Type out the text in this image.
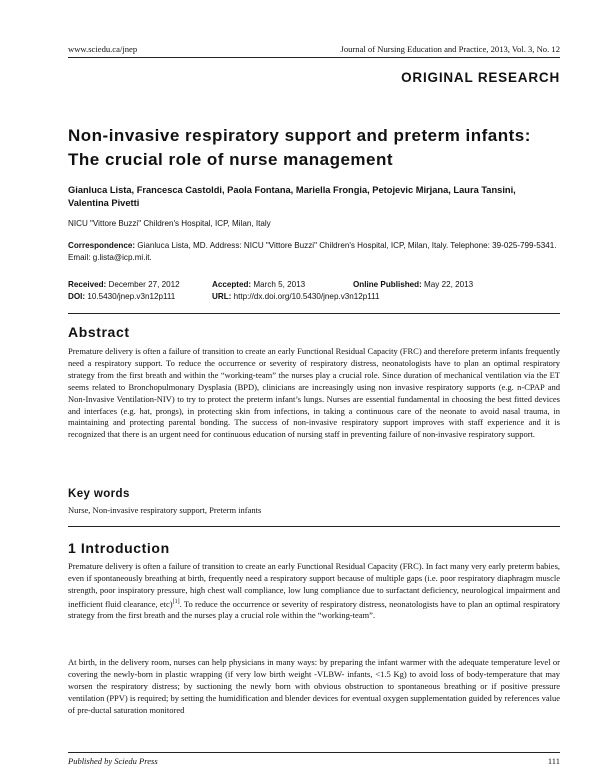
www.sciedu.ca/jnep	Journal of Nursing Education and Practice, 2013, Vol. 3, No. 12
ORIGINAL RESEARCH
Non-invasive respiratory support and preterm infants: The crucial role of nurse management
Gianluca Lista, Francesca Castoldi, Paola Fontana, Mariella Frongia, Petojevic Mirjana, Laura Tansini, Valentina Pivetti
NICU "Vittore Buzzi" Children's Hospital, ICP, Milan, Italy
Correspondence: Gianluca Lista, MD. Address: NICU "Vittore Buzzi" Children's Hospital, ICP, Milan, Italy. Telephone: 39-025-799-5341. Email: g.lista@icp.mi.it.
Received: December 27, 2012	Accepted: March 5, 2013	Online Published: May 22, 2013
DOI: 10.5430/jnep.v3n12p111	URL: http://dx.doi.org/10.5430/jnep.v3n12p111
Abstract
Premature delivery is often a failure of transition to create an early Functional Residual Capacity (FRC) and therefore preterm infants frequently need a respiratory support. To reduce the occurrence or severity of respiratory distress, neonatologists have to plan an optimal respiratory strategy from the first breath and within the “working-team” the nurses play a crucial role. Since duration of mechanical ventilation via the ET seems related to Bronchopulmonary Dysplasia (BPD), clinicians are increasingly using non invasive respiratory supports (e.g. n-CPAP and Non-Invasive Ventilation-NIV) to try to protect the preterm infant’s lungs. Nurses are essential fundamental in choosing the best fitted devices and interfaces (e.g. hat, prongs), in protecting skin from infections, in taking a continuous care of the neonate to avoid nasal trauma, in maintaining and protecting parental bonding. The success of non-invasive respiratory support improves with staff experience and it is recognized that there is an urgent need for continuous education of nursing staff in preventing failure of non-invasive respiratory support.
Key words
Nurse, Non-invasive respiratory support, Preterm infants
1 Introduction
Premature delivery is often a failure of transition to create an early Functional Residual Capacity (FRC). In fact many very early preterm babies, even if spontaneously breathing at birth, frequently need a respiratory support because of multiple gaps (i.e. poor respiratory diaphragm muscle strength, poor inspiratory pressure, high chest wall compliance, low lung compliance due to surfactant deficiency, neurological impairment and inefficient fluid clearance, etc)[1]. To reduce the occurrence or severity of respiratory distress, neonatologists have to plan an optimal respiratory strategy from the first breath and the nurses play a crucial role within the “working-team”.
At birth, in the delivery room, nurses can help physicians in many ways: by preparing the infant warmer with the adequate temperature level or covering the newly-born in plastic wrapping (if very low birth weight -VLBW- infants, <1.5 Kg) to avoid loss of body-temperature that may worsen the respiratory distress; by suctioning the newly born with obvious obstruction to spontaneous breathing or if positive pressure ventilation (PPV) is required; by setting the humidification and blender devices for eventual oxygen supplementation guided by references value of pre-ductal saturation monitored
Published by Sciedu Press	111
